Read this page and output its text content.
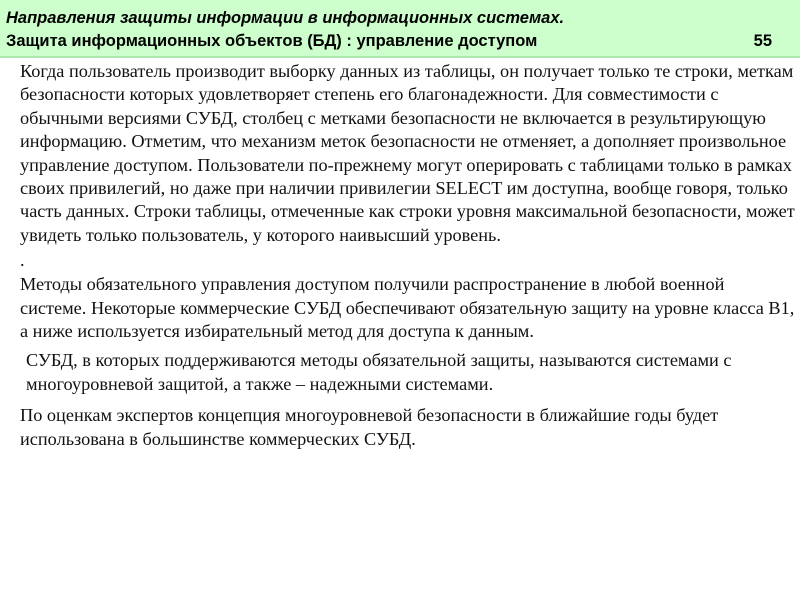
Направления защиты информации в информационных системах.
Защита информационных объектов (БД) : управление доступом	55

Когда пользователь производит выборку данных из таблицы, он получает только те строки, меткам безопасности которых удовлетворяет степень его благонадежности. Для совместимости с обычными версиями СУБД, столбец с метками безопасности не включается в результирующую информацию. Отметим, что механизм меток безопасности не отменяет, а дополняет произвольное управление доступом. Пользователи по-прежнему могут оперировать с таблицами только в рамках своих привилегий, но даже при наличии привилегии SELECT им доступна, вообще говоря, только часть данных. Строки таблицы, отмеченные как строки уровня максимальной безопасности, может увидеть только пользователь, у которого наивысший уровень.

.

Методы обязательного управления доступом получили распространение в любой военной системе. Некоторые коммерческие СУБД обеспечивают обязательную защиту на уровне класса B1, а ниже используется избирательный метод для доступа к данным.

СУБД, в которых поддерживаются методы обязательной защиты, называются системами с многоуровневой защитой, а также – надежными системами.

По оценкам экспертов концепция многоуровневой безопасности в ближайшие годы будет использована в большинстве коммерческих СУБД.
